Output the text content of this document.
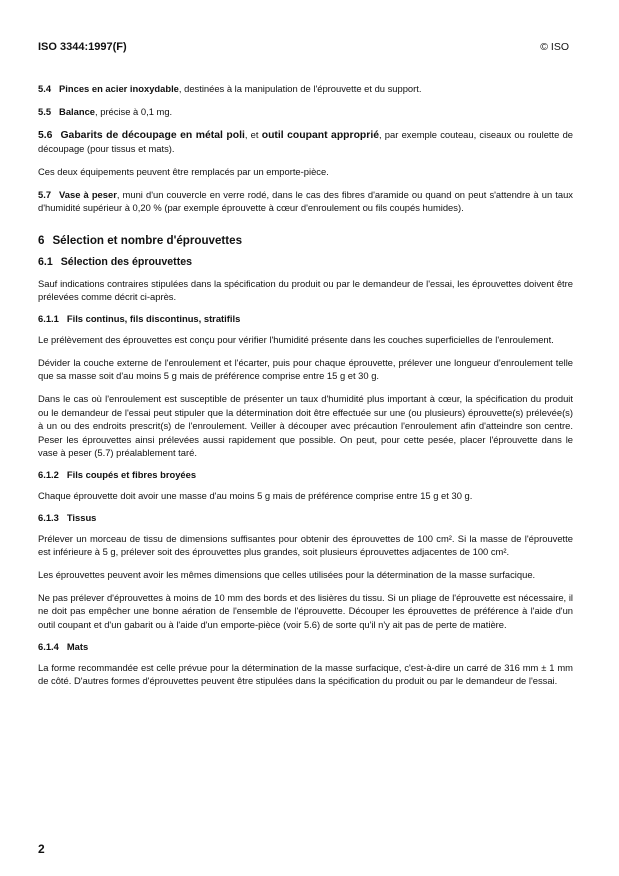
ISO 3344:1997(F)	© ISO

5.4 Pinces en acier inoxydable, destinées à la manipulation de l'éprouvette et du support.

5.5 Balance, précise à 0,1 mg.

5.6 Gabarits de découpage en métal poli, et outil coupant approprié, par exemple couteau, ciseaux ou roulette de découpage (pour tissus et mats).

Ces deux équipements peuvent être remplacés par un emporte-pièce.

5.7 Vase à peser, muni d'un couvercle en verre rodé, dans le cas des fibres d'aramide ou quand on peut s'attendre à un taux d'humidité supérieur à 0,20 % (par exemple éprouvette à cœur d'enroulement ou fils coupés humides).

6 Sélection et nombre d'éprouvettes
6.1 Sélection des éprouvettes

Sauf indications contraires stipulées dans la spécification du produit ou par le demandeur de l'essai, les éprouvettes doivent être prélevées comme décrit ci-après.

6.1.1 Fils continus, fils discontinus, stratifils

Le prélèvement des éprouvettes est conçu pour vérifier l'humidité présente dans les couches superficielles de l'enroulement.

Dévider la couche externe de l'enroulement et l'écarter, puis pour chaque éprouvette, prélever une longueur d'enroulement telle que sa masse soit d'au moins 5 g mais de préférence comprise entre 15 g et 30 g.

Dans le cas où l'enroulement est susceptible de présenter un taux d'humidité plus important à cœur, la spécification du produit ou le demandeur de l'essai peut stipuler que la détermination doit être effectuée sur une (ou plusieurs) éprouvette(s) prélevée(s) à un ou des endroits prescrit(s) de l'enroulement. Veiller à découper avec précaution l'enroulement afin d'atteindre son centre. Peser les éprouvettes ainsi prélevées aussi rapidement que possible. On peut, pour cette pesée, placer l'éprouvette dans le vase à peser (5.7) préalablement taré.

6.1.2 Fils coupés et fibres broyées

Chaque éprouvette doit avoir une masse d'au moins 5 g mais de préférence comprise entre 15 g et 30 g.

6.1.3 Tissus

Prélever un morceau de tissu de dimensions suffisantes pour obtenir des éprouvettes de 100 cm². Si la masse de l'éprouvette est inférieure à 5 g, prélever soit des éprouvettes plus grandes, soit plusieurs éprouvettes adjacentes de 100 cm².

Les éprouvettes peuvent avoir les mêmes dimensions que celles utilisées pour la détermination de la masse surfacique.

Ne pas prélever d'éprouvettes à moins de 10 mm des bords et des lisières du tissu. Si un pliage de l'éprouvette est nécessaire, il ne doit pas empêcher une bonne aération de l'ensemble de l'éprouvette. Découper les éprouvettes de préférence à l'aide d'un outil coupant et d'un gabarit ou à l'aide d'un emporte-pièce (voir 5.6) de sorte qu'il n'y ait pas de perte de matière.

6.1.4 Mats

La forme recommandée est celle prévue pour la détermination de la masse surfacique, c'est-à-dire un carré de 316 mm ± 1 mm de côté. D'autres formes d'éprouvettes peuvent être stipulées dans la spécification du produit ou par le demandeur de l'essai.

2
